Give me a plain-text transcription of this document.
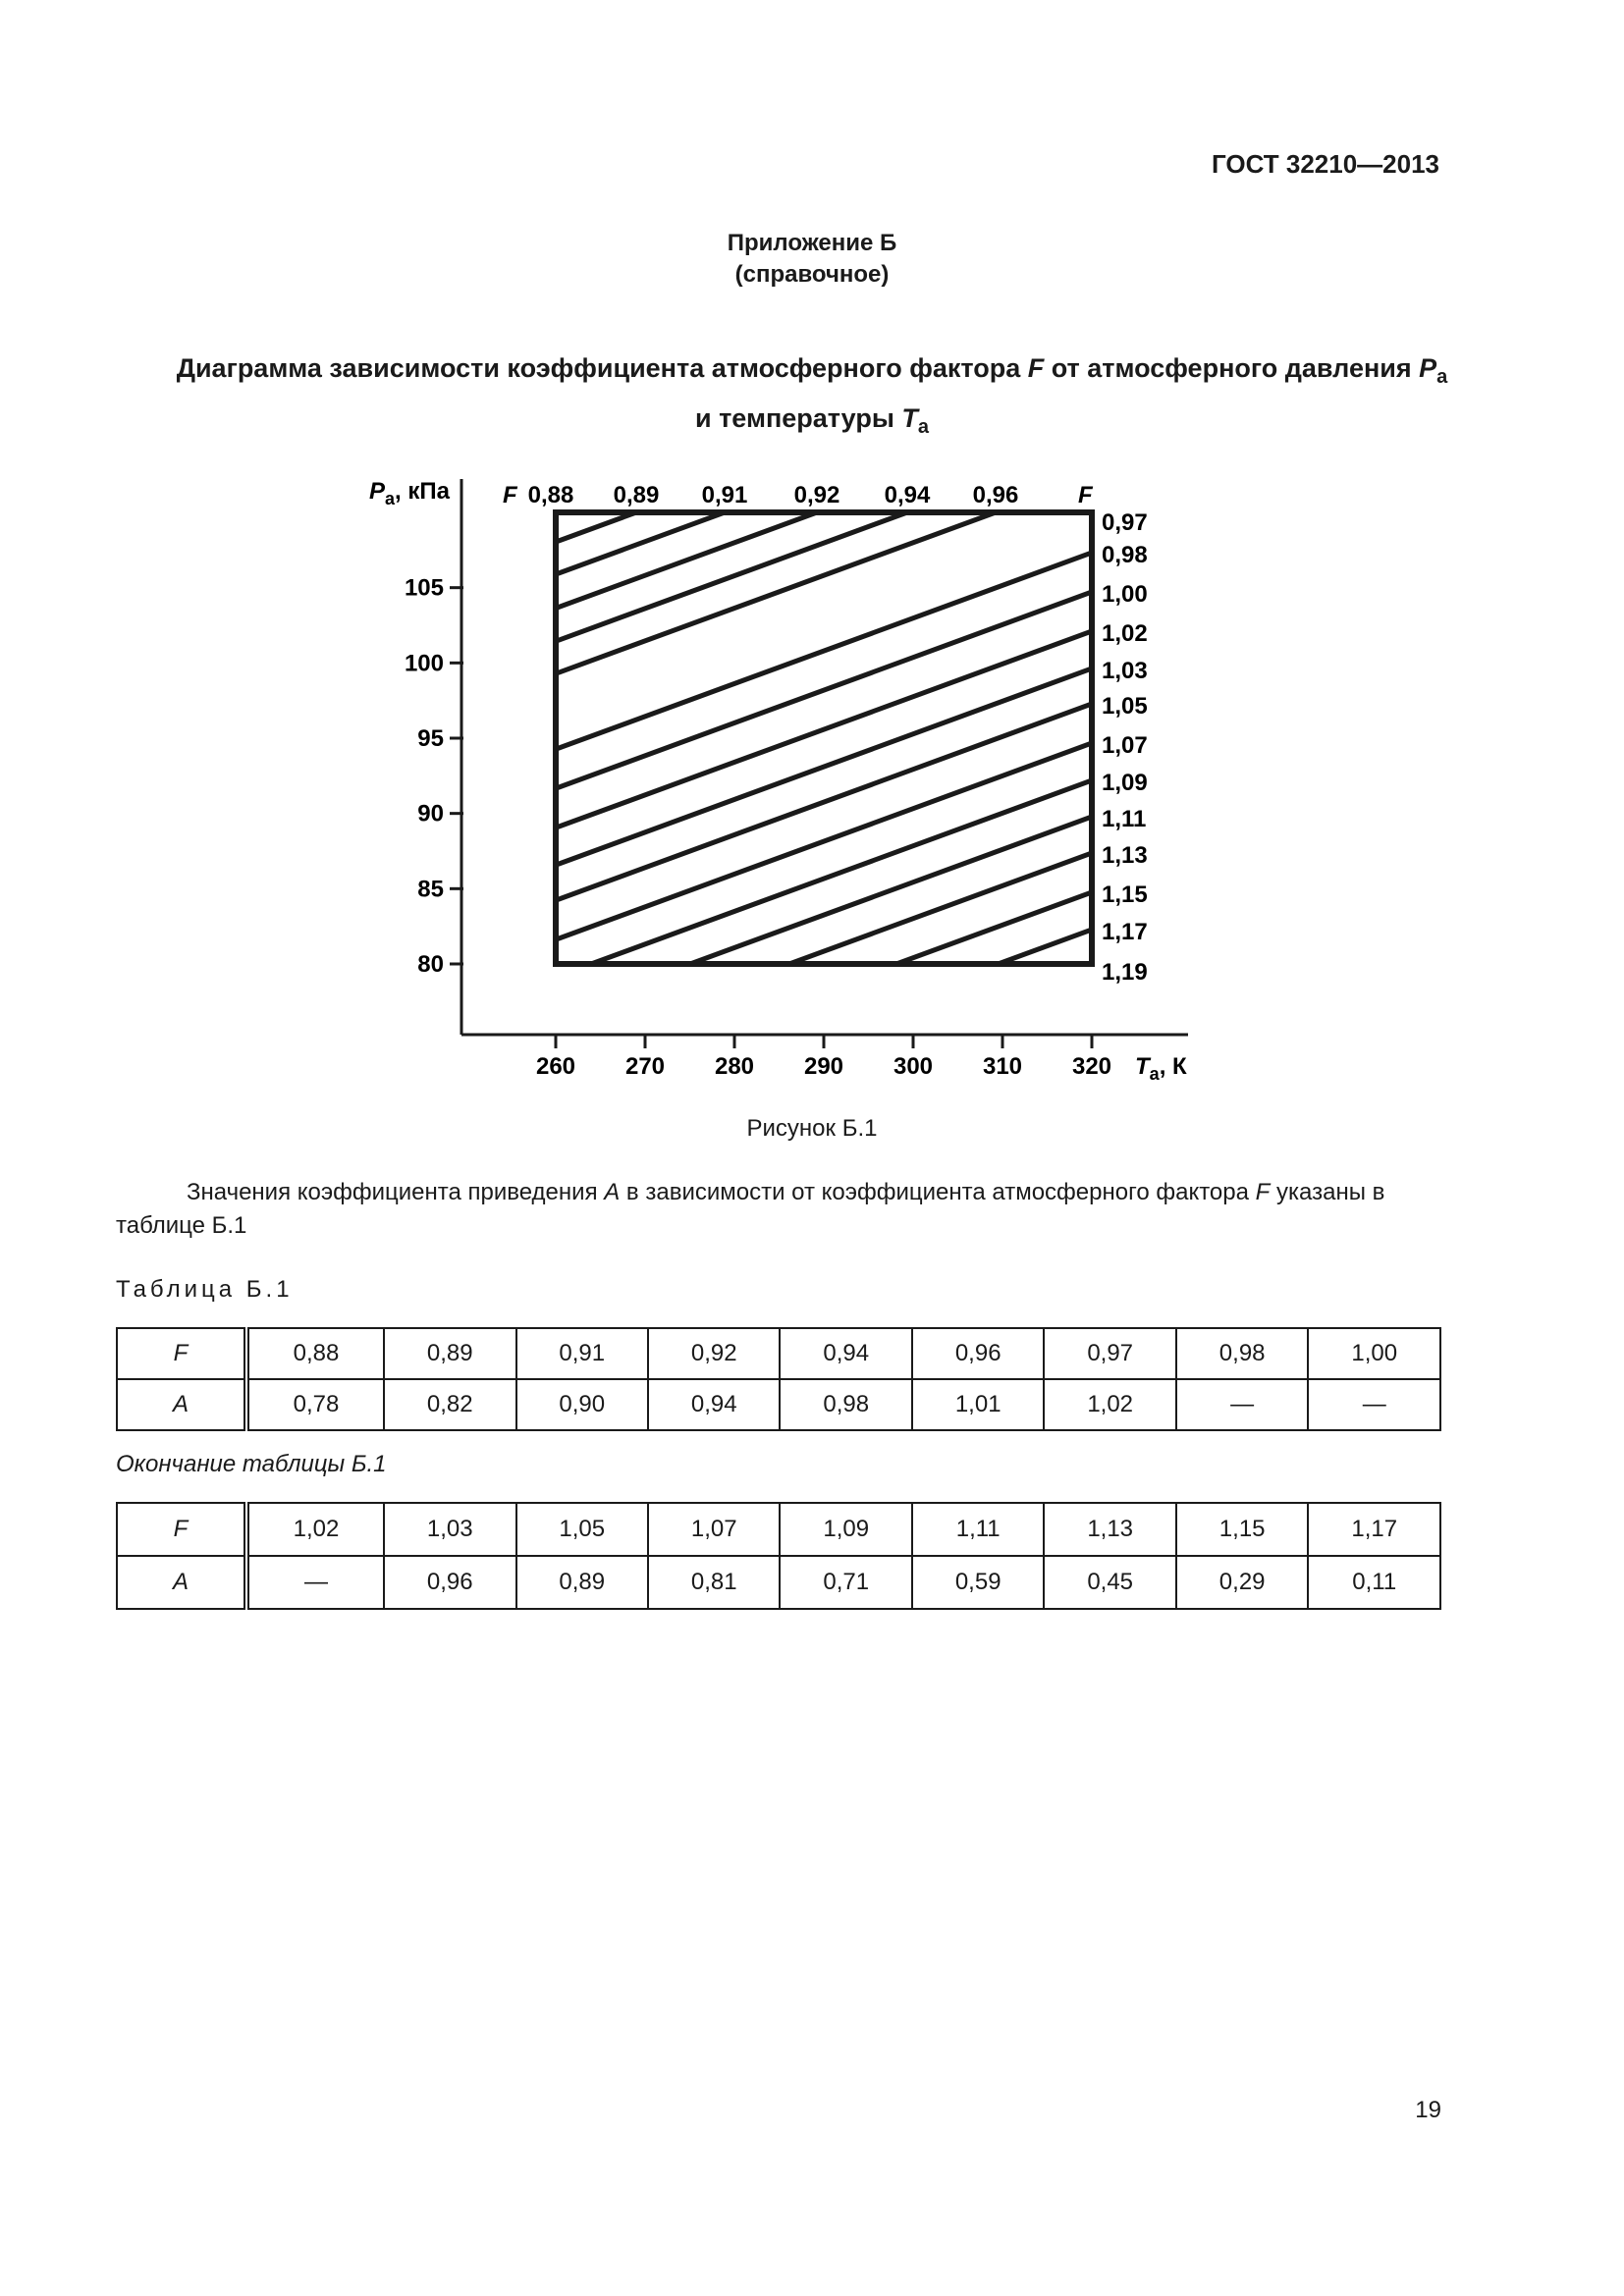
ГОСТ 32210—2013
Приложение Б
(справочное)
Диаграмма зависимости коэффициента атмосферного фактора F от атмосферного давления $P_а$
и температуры $T_а$
105
100
95
90
85
80
260 270 280 290 300 310 320
$P_а$, кПа
$T_а$, К
F	F
0,88 0,89 0,91 0,92 0,94 0,96
0,97
0,98
1,00
1,02
1,03
1,05
1,07
1,09
1,11
1,13
1,15
1,17
1,19
Рисунок Б.1
Значения коэффициента приведения A в зависимости от коэффициента атмосферного фактора F указаны в таблице Б.1
Таблица Б.1
F	0,88	0,89	0,91	0,92	0,94	0,96	0,97	0,98	1,00
A	0,78	0,82	0,90	0,94	0,98	1,01	1,02	—	—
Окончание таблицы Б.1
F	1,02	1,03	1,05	1,07	1,09	1,11	1,13	1,15	1,17
A	—	0,96	0,89	0,81	0,71	0,59	0,45	0,29	0,11
19
